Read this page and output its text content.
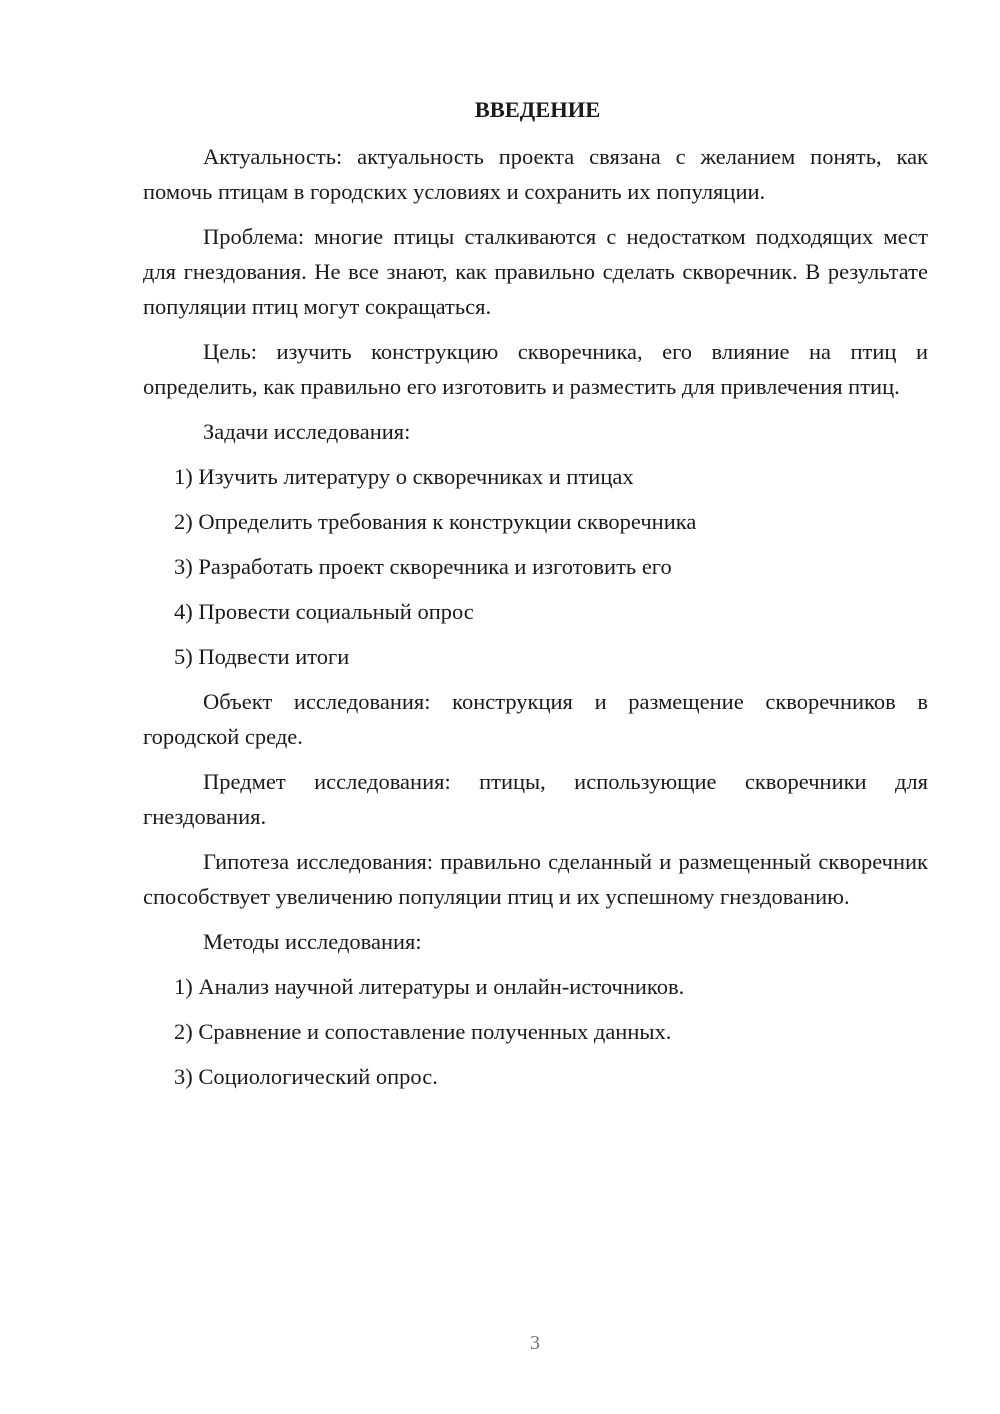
ВВЕДЕНИЕ

Актуальность: актуальность проекта связана с желанием понять, как помочь птицам в городских условиях и сохранить их популяции.

Проблема: многие птицы сталкиваются с недостатком подходящих мест для гнездования. Не все знают, как правильно сделать скворечник. В результате популяции птиц могут сокращаться.

Цель: изучить конструкцию скворечника, его влияние на птиц и определить, как правильно его изготовить и разместить для привлечения птиц.

Задачи исследования:

1) Изучить литературу о скворечниках и птицах

2) Определить требования к конструкции скворечника

3) Разработать проект скворечника и изготовить его

4) Провести социальный опрос

5) Подвести итоги

Объект исследования: конструкция и размещение скворечников в городской среде.

Предмет исследования: птицы, использующие скворечники для гнездования.

Гипотеза исследования: правильно сделанный и размещенный скворечник способствует увеличению популяции птиц и их успешному гнездованию.

Методы исследования:

1) Анализ научной литературы и онлайн-источников.

2) Сравнение и сопоставление полученных данных.

3) Социологический опрос.

3
